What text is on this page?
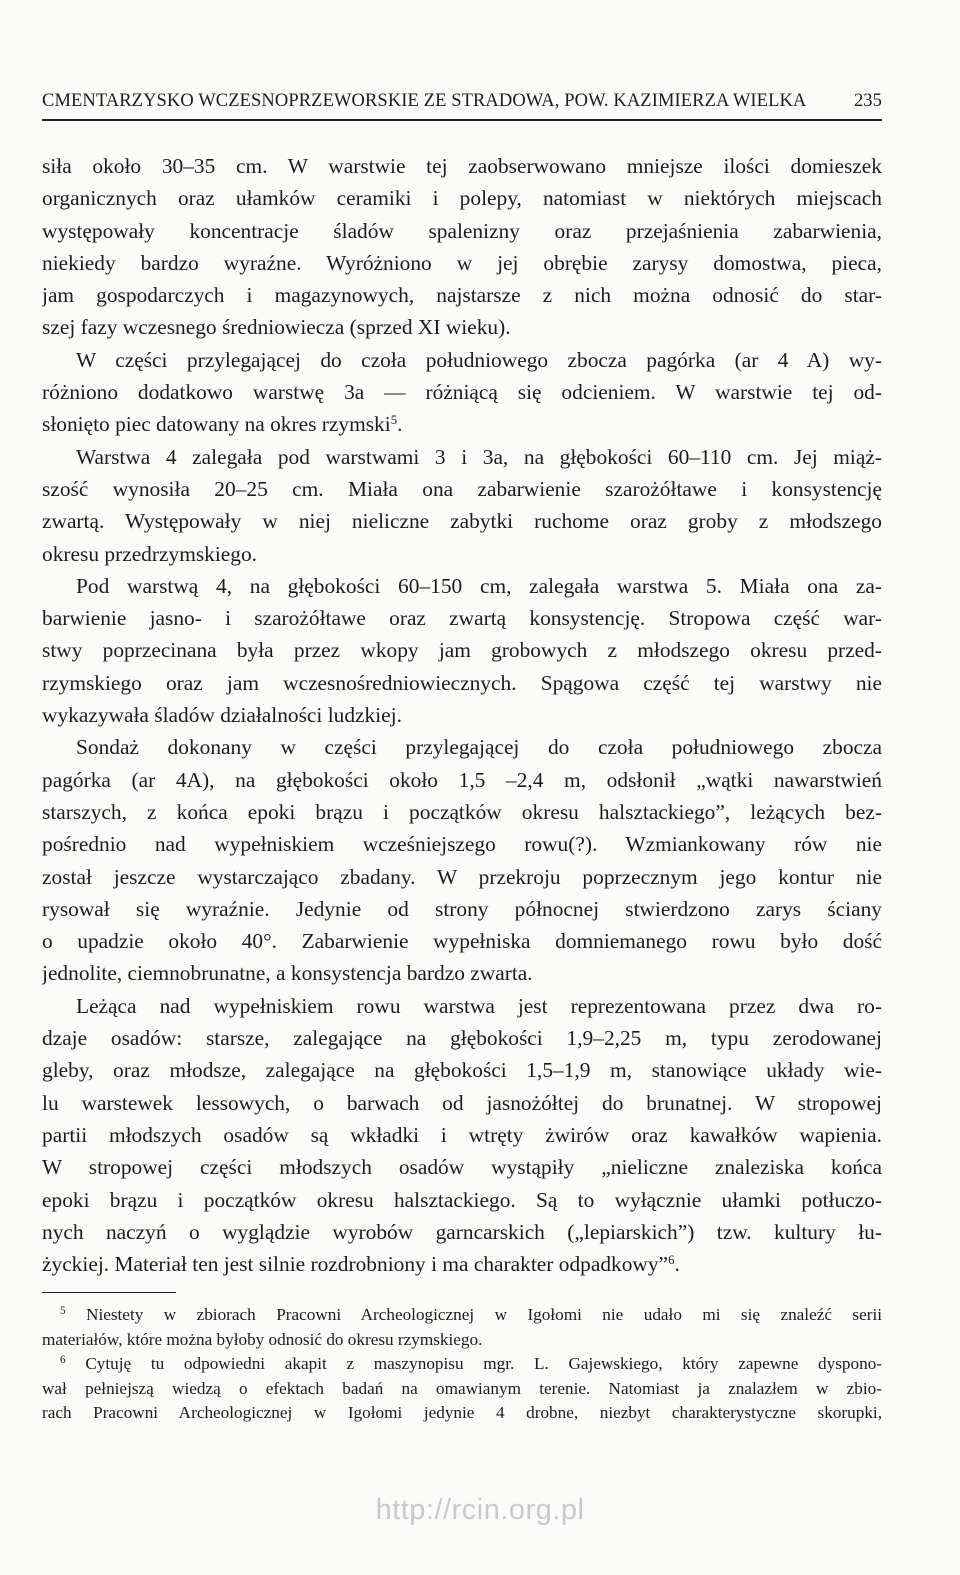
CMENTARZYSKO WCZESNOPRZEWORSKIE ZE STRADOWA, POW. KAZIMIERZA WIELKA	235
siła około 30–35 cm. W warstwie tej zaobserwowano mniejsze ilości domieszek
organicznych oraz ułamków ceramiki i polepy, natomiast w niektórych miejscach
występowały koncentracje śladów spalenizny oraz przejaśnienia zabarwienia,
niekiedy bardzo wyraźne. Wyróżniono w jej obrębie zarysy domostwa, pieca,
jam gospodarczych i magazynowych, najstarsze z nich można odnosić do star-
szej fazy wczesnego średniowiecza (sprzed XI wieku).
W części przylegającej do czoła południowego zbocza pagórka (ar 4 A) wy-
różniono dodatkowo warstwę 3a — różniącą się odcieniem. W warstwie tej od-
słonięto piec datowany na okres rzymski$^5$.
Warstwa 4 zalegała pod warstwami 3 i 3a, na głębokości 60–110 cm. Jej miąż-
szość wynosiła 20–25 cm. Miała ona zabarwienie szarożółtawe i konsystencję
zwartą. Występowały w niej nieliczne zabytki ruchome oraz groby z młodszego
okresu przedrzymskiego.
Pod warstwą 4, na głębokości 60–150 cm, zalegała warstwa 5. Miała ona za-
barwienie jasno- i szarożółtawe oraz zwartą konsystencję. Stropowa część war-
stwy poprzecinana była przez wkopy jam grobowych z młodszego okresu przed-
rzymskiego oraz jam wczesnośredniowiecznych. Spągowa część tej warstwy nie
wykazywała śladów działalności ludzkiej.
Sondaż dokonany w części przylegającej do czoła południowego zbocza
pagórka (ar 4A), na głębokości około 1,5 –2,4 m, odsłonił „wątki nawarstwień
starszych, z końca epoki brązu i początków okresu halsztackiego”, leżących bez-
pośrednio nad wypełniskiem wcześniejszego rowu(?). Wzmiankowany rów nie
został jeszcze wystarczająco zbadany. W przekroju poprzecznym jego kontur nie
rysował się wyraźnie. Jedynie od strony północnej stwierdzono zarys ściany
o upadzie około 40°. Zabarwienie wypełniska domniemanego rowu było dość
jednolite, ciemnobrunatne, a konsystencja bardzo zwarta.
Leżąca nad wypełniskiem rowu warstwa jest reprezentowana przez dwa ro-
dzaje osadów: starsze, zalegające na głębokości 1,9–2,25 m, typu zerodowanej
gleby, oraz młodsze, zalegające na głębokości 1,5–1,9 m, stanowiące układy wie-
lu warstewek lessowych, o barwach od jasnożółtej do brunatnej. W stropowej
partii młodszych osadów są wkładki i wtręty żwirów oraz kawałków wapienia.
W stropowej części młodszych osadów wystąpiły „nieliczne znaleziska końca
epoki brązu i początków okresu halsztackiego. Są to wyłącznie ułamki potłuczo-
nych naczyń o wyglądzie wyrobów garncarskich („lepiarskich”) tzw. kultury łu-
życkiej. Materiał ten jest silnie rozdrobniony i ma charakter odpadkowy”$^6$.
$^5$ Niestety w zbiorach Pracowni Archeologicznej w Igołomi nie udało mi się znaleźć serii
materiałów, które można byłoby odnosić do okresu rzymskiego.
$^6$ Cytuję tu odpowiedni akapit z maszynopisu mgr. L. Gajewskiego, który zapewne dyspono-
wał pełniejszą wiedzą o efektach badań na omawianym terenie. Natomiast ja znalazłem w zbio-
rach Pracowni Archeologicznej w Igołomi jedynie 4 drobne, niezbyt charakterystyczne skorupki,
http://rcin.org.pl
